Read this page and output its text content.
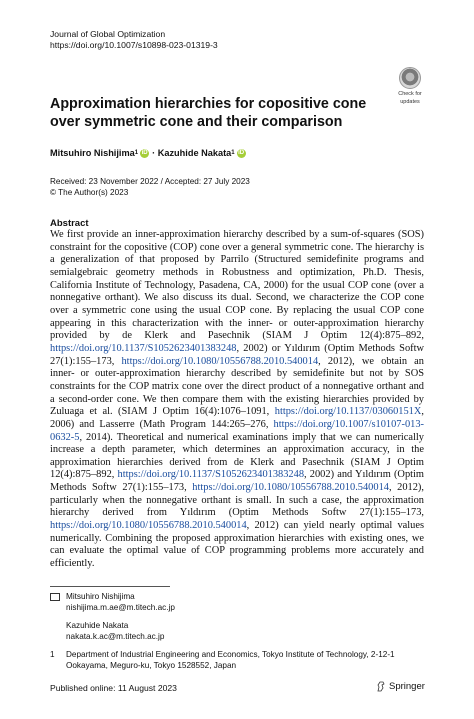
Journal of Global Optimization
https://doi.org/10.1007/s10898-023-01319-3
Check for
updates
Approximation hierarchies for copositive cone over symmetric cone and their comparison
Mitsuhiro Nishijima 1 iD ·
Kazuhide Nakata 1 iD
Received: 23 November 2022 / Accepted: 27 July 2023
© The Author(s) 2023
Abstract

We first provide an inner-approximation hierarchy described by a sum-of-squares (SOS) constraint for the copositive (COP) cone over a general symmetric cone. The hierarchy is a generalization of that proposed by Parrilo (Structured semidefinite programs and semialgebraic geometry methods in Robustness and optimization, Ph.D. Thesis, California Institute of Technology, Pasadena, CA, 2000) for the usual COP cone (over a nonnegative orthant). We also discuss its dual. Second, we characterize the COP cone over a symmetric cone using the usual COP cone. By replacing the usual COP cone appearing in this characterization with the inner- or outer-approximation hierarchy provided by de Klerk and Pasechnik (SIAM J Optim 12(4):875–892, https://doi.org/10.1137/S1052623401383248, 2002) or Yıldırım (Optim Methods Softw 27(1):155–173, https://doi.org/10.1080/10556788.2010.540014, 2012), we obtain an inner- or outer-approximation hierarchy described by semidefinite but not by SOS constraints for the COP matrix cone over the direct product of a nonnegative orthant and a second-order cone. We then compare them with the existing hierarchies provided by Zuluaga et al. (SIAM J Optim 16(4):1076–1091, https://doi.org/10.1137/03060151X, 2006) and Lasserre (Math Program 144:265–276, https://doi.org/10.1007/s10107-013-0632-5, 2014). Theoretical and numerical examinations imply that we can numerically increase a depth parameter, which determines an approximation accuracy, in the approximation hierarchies derived from de Klerk and Pasechnik (SIAM J Optim 12(4):875–892, https://doi.org/10.1137/S1052623401383248, 2002) and Yıldırım (Optim Methods Softw 27(1):155–173, https://doi.org/10.1080/10556788.2010.540014, 2012), particularly when the nonnegative orthant is small. In such a case, the approximation hierarchy derived from Yıldırım (Optim Methods Softw 27(1):155–173, https://doi.org/10.1080/10556788.2010.540014, 2012) can yield nearly optimal values numerically. Combining the proposed approximation hierarchies with existing ones, we can evaluate the optimal value of COP programming problems more accurately and efficiently.

Mitsuhiro Nishijima
nishijima.m.ae@m.titech.ac.jp
Kazuhide Nakata
nakata.k.ac@m.titech.ac.jp
1	Department of Industrial Engineering and Economics, Tokyo Institute of Technology, 2-12-1
Ookayama, Meguro-ku, Tokyo 1528552, Japan
Published online: 11 August 2023	Springer
